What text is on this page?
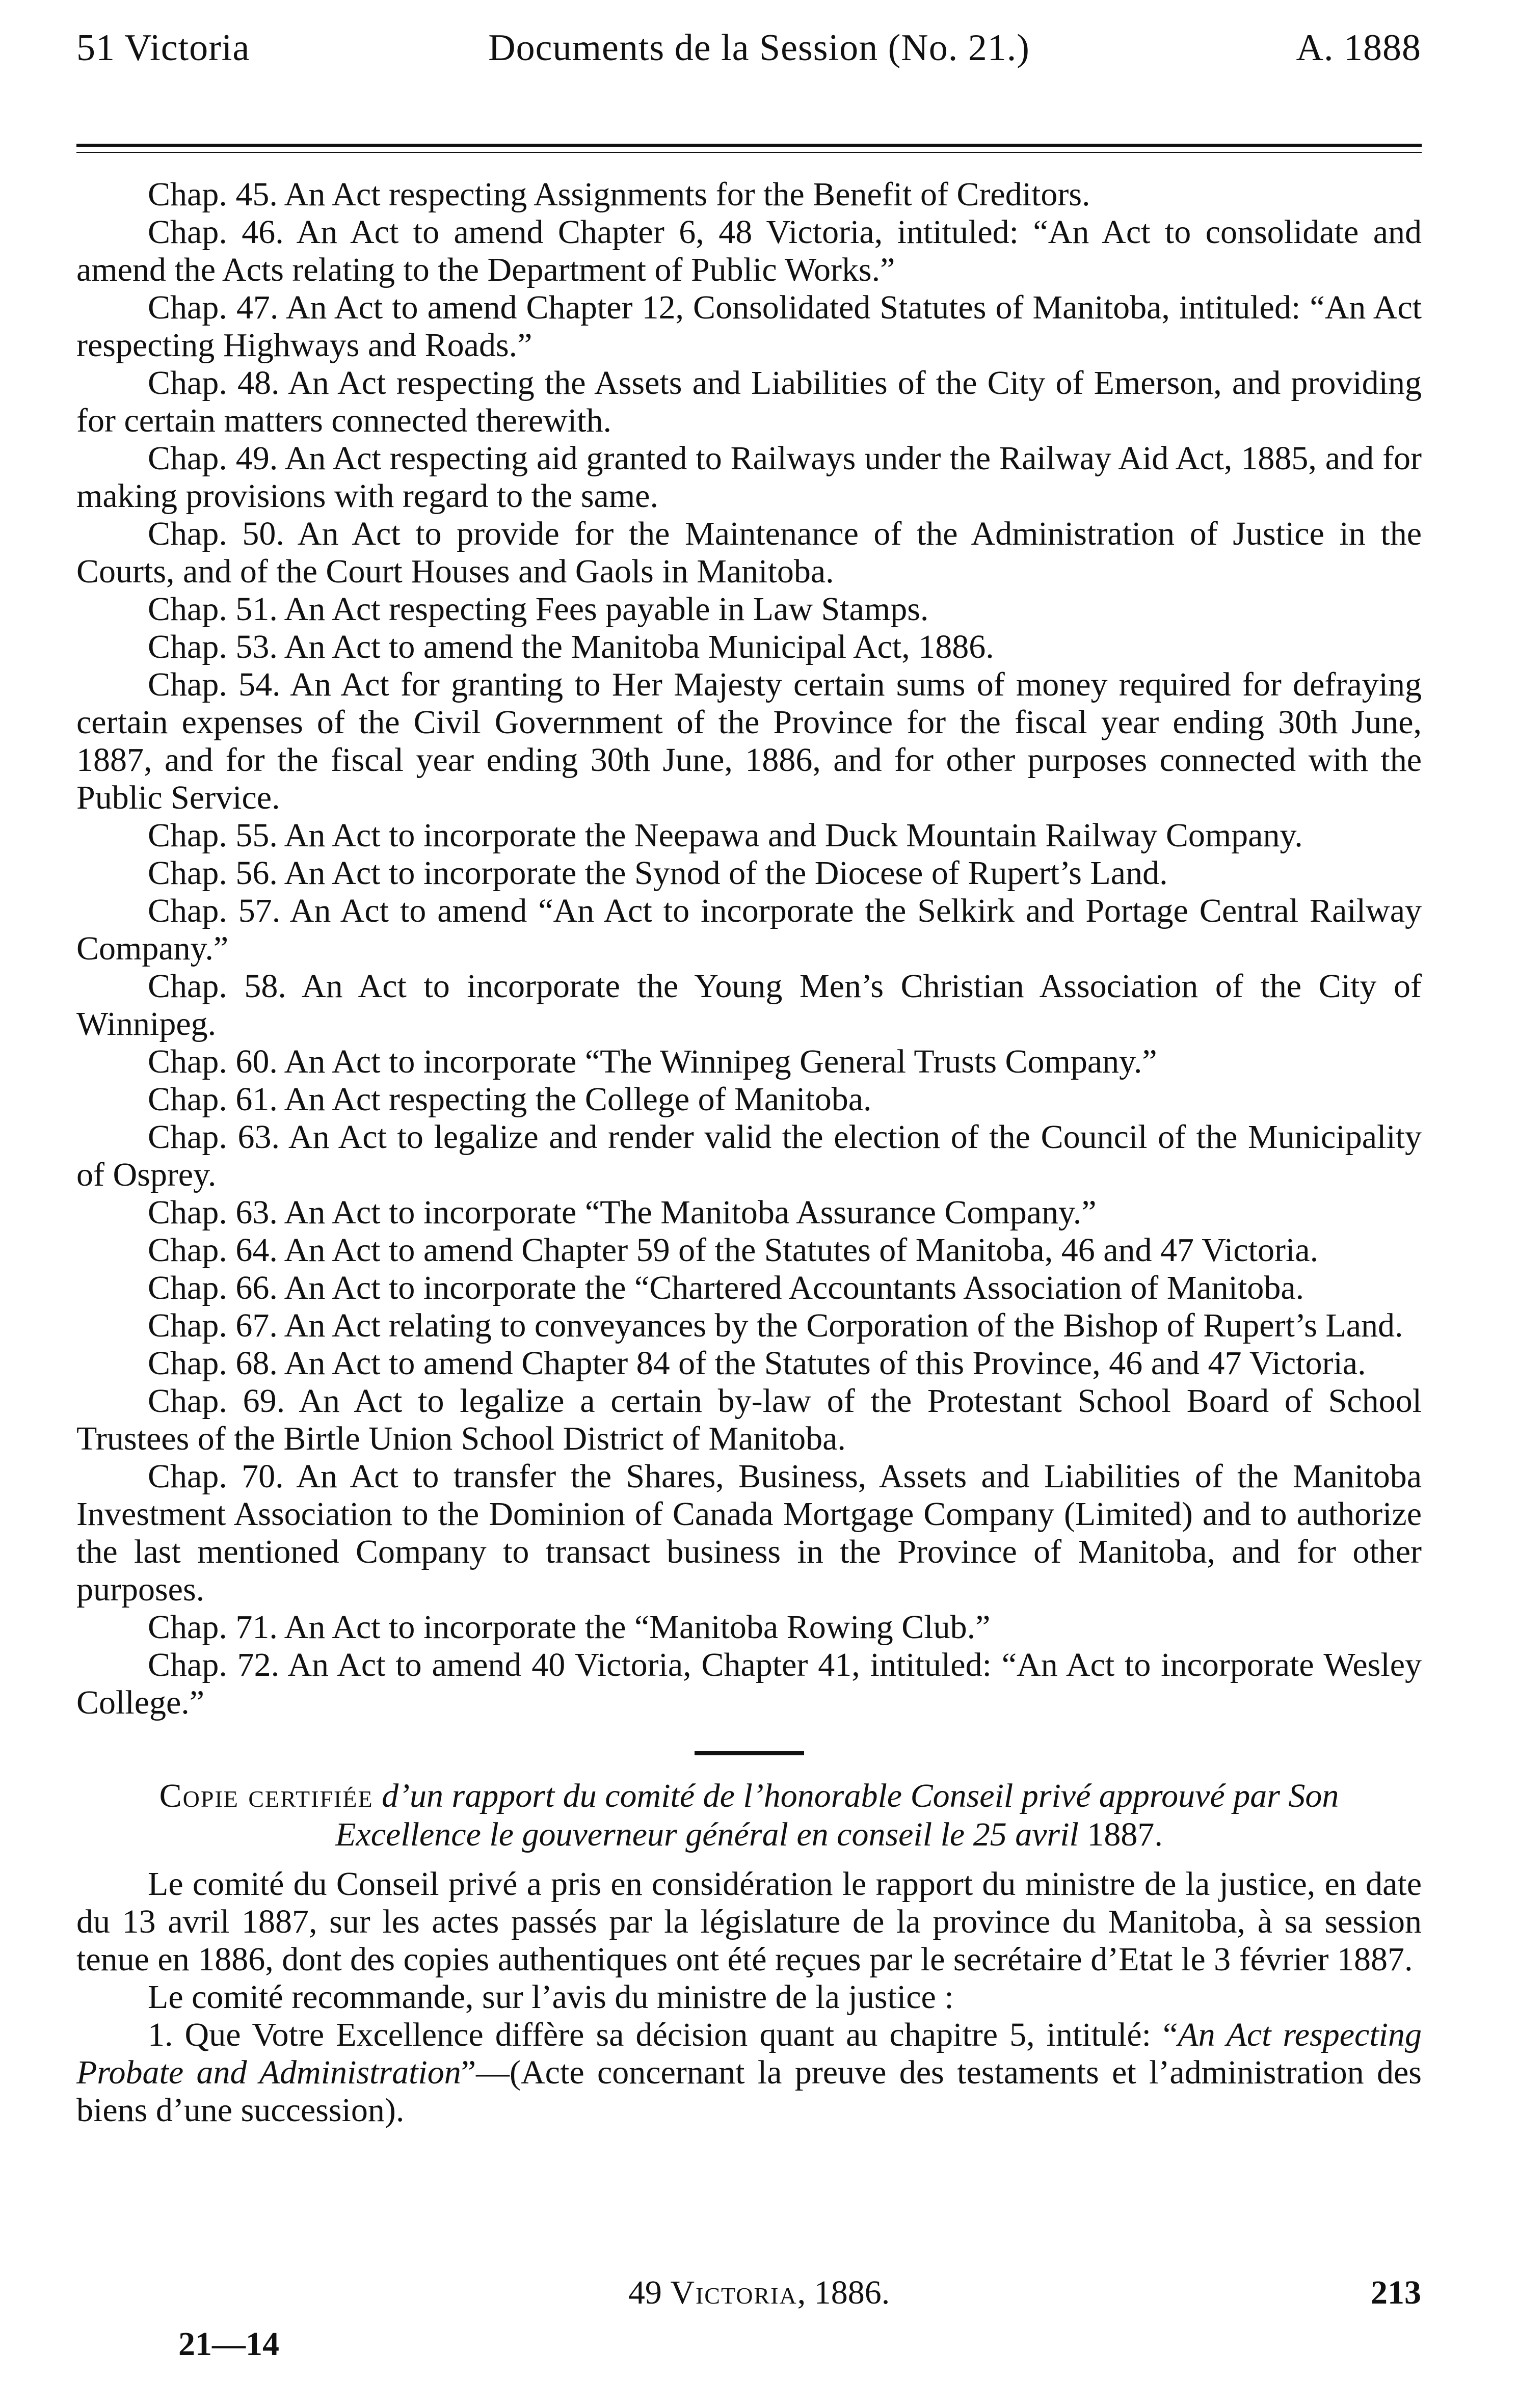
51 Victoria	Documents de la Session (No. 21.)	A. 1888

Chap. 45. An Act respecting Assignments for the Benefit of Creditors.

Chap. 46. An Act to amend Chapter 6, 48 Victoria, intituled: “An Act to consolidate and amend the Acts relating to the Department of Public Works.”

Chap. 47. An Act to amend Chapter 12, Consolidated Statutes of Manitoba, intituled: “An Act respecting Highways and Roads.”

Chap. 48. An Act respecting the Assets and Liabilities of the City of Emerson, and providing for certain matters connected therewith.

Chap. 49. An Act respecting aid granted to Railways under the Railway Aid Act, 1885, and for making provisions with regard to the same.

Chap. 50. An Act to provide for the Maintenance of the Administration of Justice in the Courts, and of the Court Houses and Gaols in Manitoba.

Chap. 51. An Act respecting Fees payable in Law Stamps.

Chap. 53. An Act to amend the Manitoba Municipal Act, 1886.

Chap. 54. An Act for granting to Her Majesty certain sums of money required for defraying certain expenses of the Civil Government of the Province for the fiscal year ending 30th June, 1887, and for the fiscal year ending 30th June, 1886, and for other purposes connected with the Public Service.

Chap. 55. An Act to incorporate the Neepawa and Duck Mountain Railway Company.

Chap. 56. An Act to incorporate the Synod of the Diocese of Rupert’s Land.

Chap. 57. An Act to amend “An Act to incorporate the Selkirk and Portage Central Railway Company.”

Chap. 58. An Act to incorporate the Young Men’s Christian Association of the City of Winnipeg.

Chap. 60. An Act to incorporate “The Winnipeg General Trusts Company.”

Chap. 61. An Act respecting the College of Manitoba.

Chap. 63. An Act to legalize and render valid the election of the Council of the Municipality of Osprey.

Chap. 63. An Act to incorporate “The Manitoba Assurance Company.”

Chap. 64. An Act to amend Chapter 59 of the Statutes of Manitoba, 46 and 47 Victoria.

Chap. 66. An Act to incorporate the “Chartered Accountants Association of Manitoba.

Chap. 67. An Act relating to conveyances by the Corporation of the Bishop of Rupert’s Land.

Chap. 68. An Act to amend Chapter 84 of the Statutes of this Province, 46 and 47 Victoria.

Chap. 69. An Act to legalize a certain by-law of the Protestant School Board of School Trustees of the Birtle Union School District of Manitoba.

Chap. 70. An Act to transfer the Shares, Business, Assets and Liabilities of the Manitoba Investment Association to the Dominion of Canada Mortgage Company (Limited) and to authorize the last mentioned Company to transact business in the Province of Manitoba, and for other purposes.

Chap. 71. An Act to incorporate the “Manitoba Rowing Club.”

Chap. 72. An Act to amend 40 Victoria, Chapter 41, intituled: “An Act to incorporate Wesley College.”

Copie certifiée d’un rapport du comité de l’honorable Conseil privé approuvé par Son

Excellence le gouverneur général en conseil le 25 avril 1887.

Le comité du Conseil privé a pris en considération le rapport du ministre de la justice, en date du 13 avril 1887, sur les actes passés par la législature de la province du Manitoba, à sa session tenue en 1886, dont des copies authentiques ont été reçues par le secrétaire d’Etat le 3 février 1887.

Le comité recommande, sur l’avis du ministre de la justice :

1. Que Votre Excellence diffère sa décision quant au chapitre 5, intitulé: “An Act respecting Probate and Administration”—(Acte concernant la preuve des testaments et l’administration des biens d’une succession).

49 Victoria, 1886.	213
21—14
